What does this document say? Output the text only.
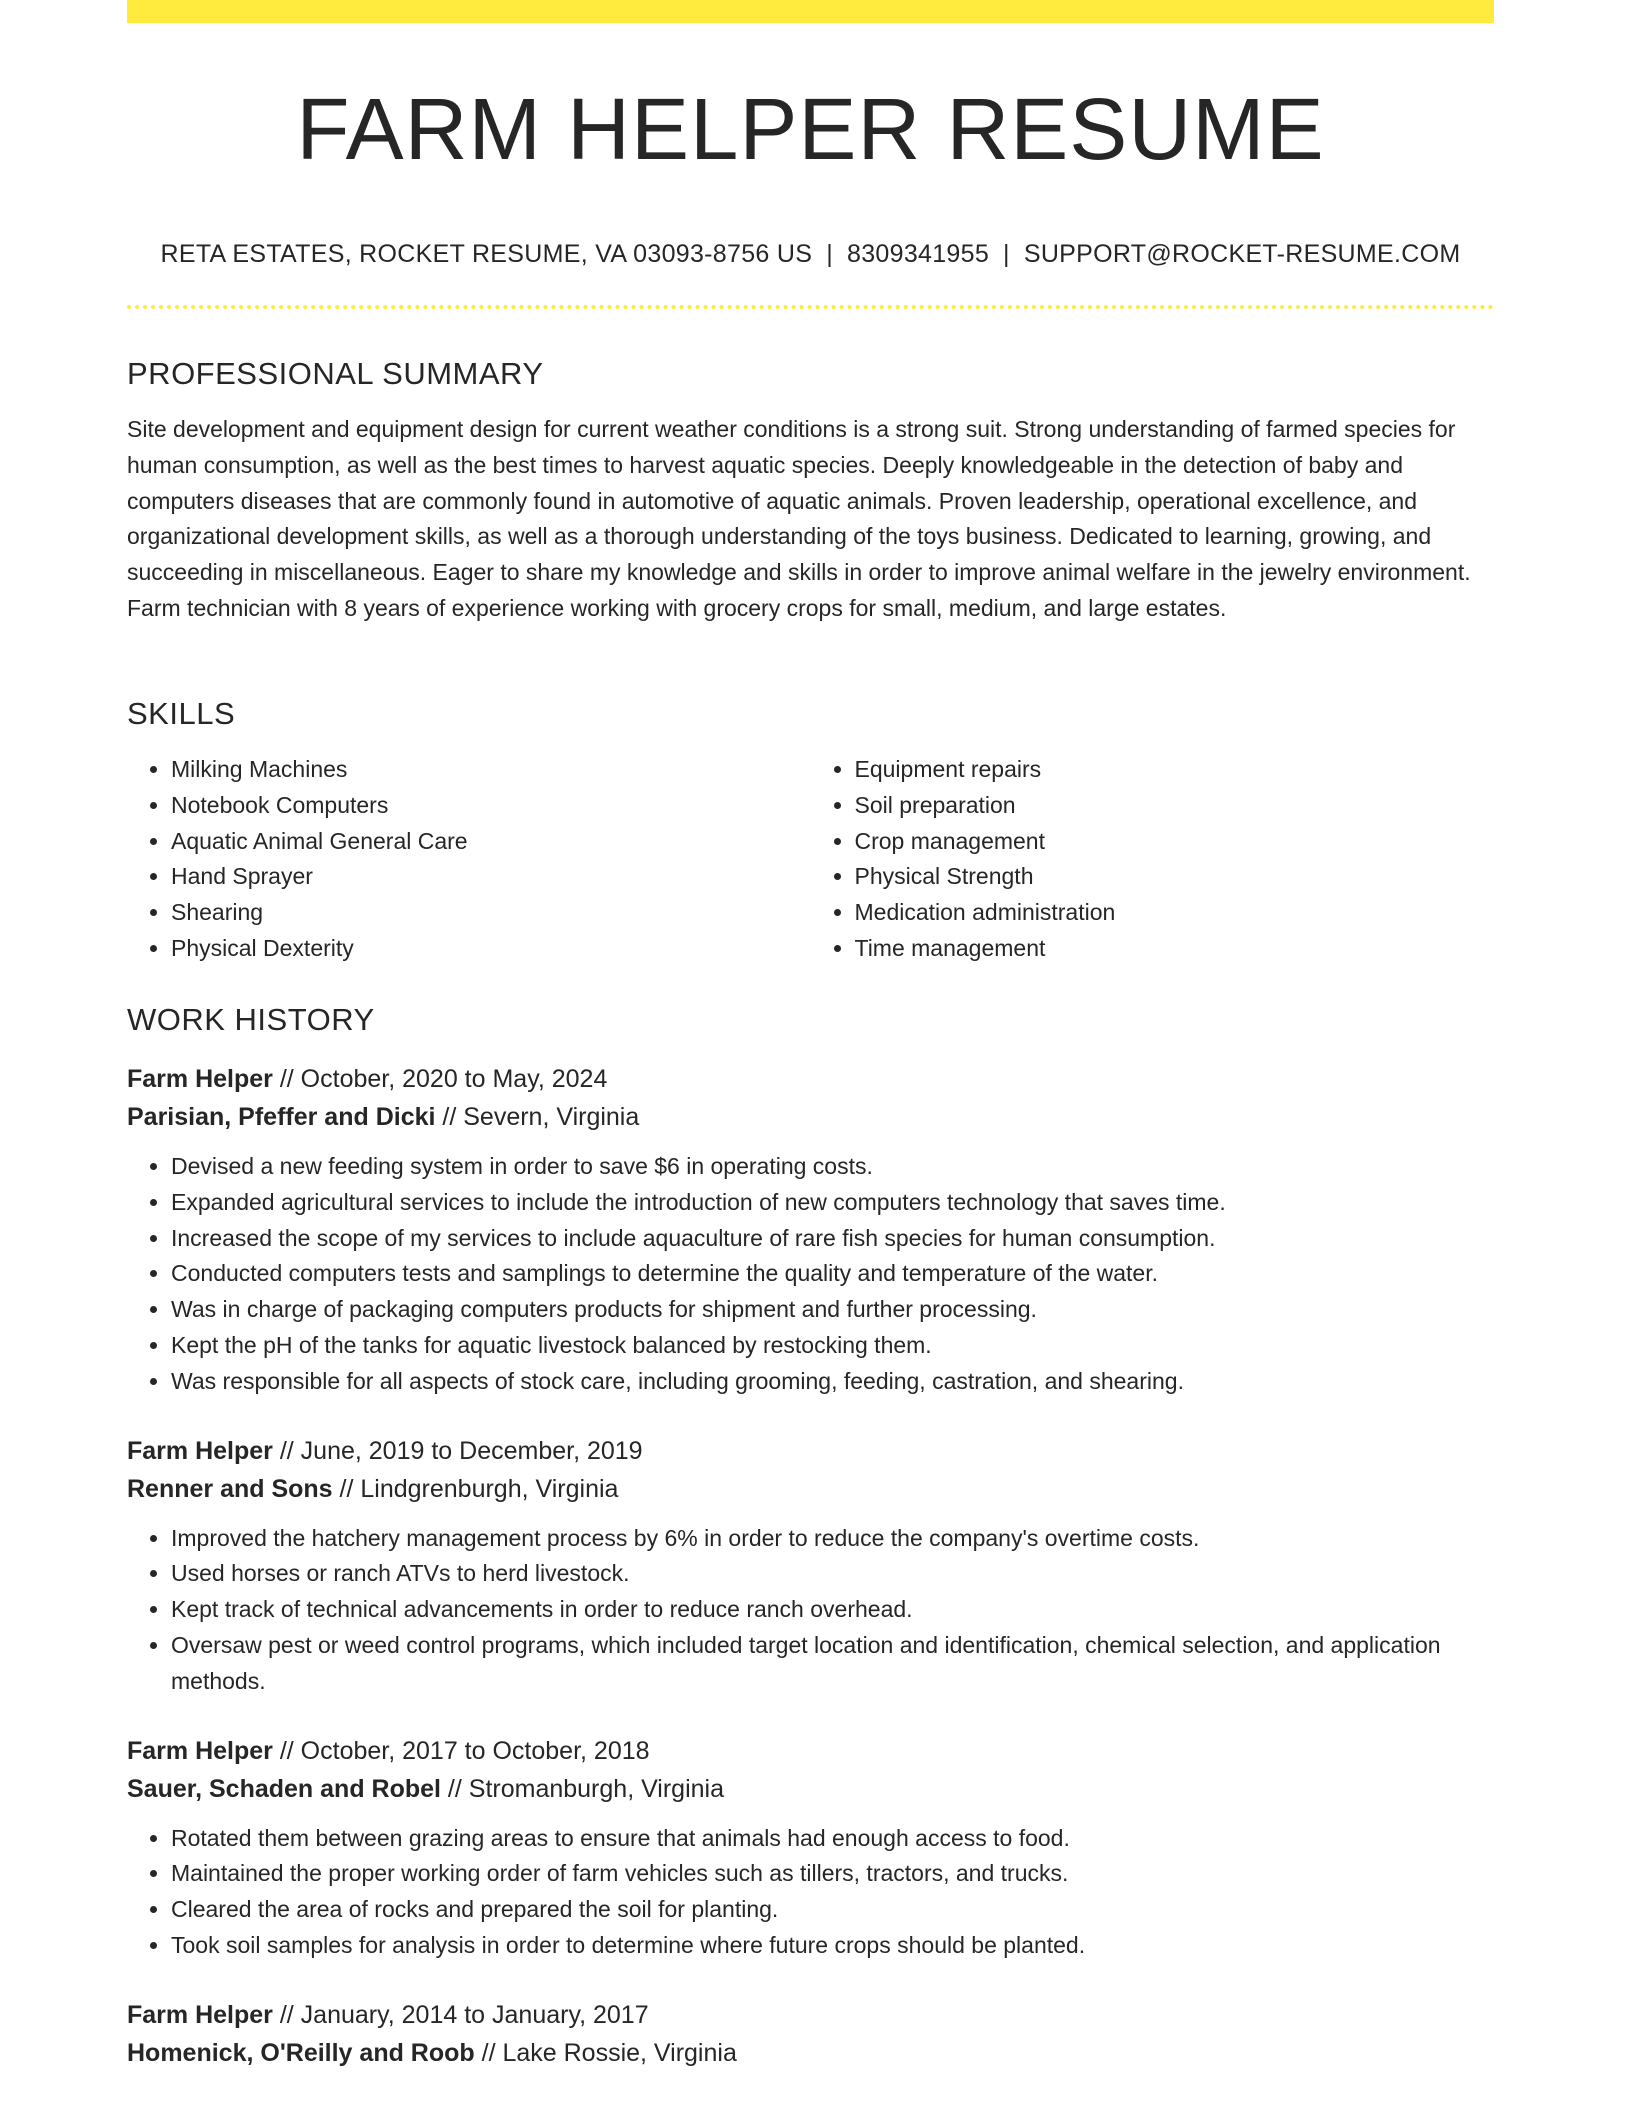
FARM HELPER RESUME
RETA ESTATES, ROCKET RESUME, VA 03093-8756 US | 8309341955 | SUPPORT@ROCKET-RESUME.COM
PROFESSIONAL SUMMARY

Site development and equipment design for current weather conditions is a strong suit. Strong understanding of farmed species for human consumption, as well as the best times to harvest aquatic species. Deeply knowledgeable in the detection of baby and computers diseases that are commonly found in automotive of aquatic animals. Proven leadership, operational excellence, and organizational development skills, as well as a thorough understanding of the toys business. Dedicated to learning, growing, and succeeding in miscellaneous. Eager to share my knowledge and skills in order to improve animal welfare in the jewelry environment. Farm technician with 8 years of experience working with grocery crops for small, medium, and large estates.

SKILLS
• Milking Machines
• Notebook Computers
• Aquatic Animal General Care
• Hand Sprayer
• Shearing
• Physical Dexterity
• Equipment repairs
• Soil preparation
• Crop management
• Physical Strength
• Medication administration
• Time management
WORK HISTORY
Farm Helper // October, 2020 to May, 2024
Parisian, Pfeffer and Dicki // Severn, Virginia
• Devised a new feeding system in order to save $6 in operating costs.
• Expanded agricultural services to include the introduction of new computers technology that saves time.
• Increased the scope of my services to include aquaculture of rare fish species for human consumption.
• Conducted computers tests and samplings to determine the quality and temperature of the water.
• Was in charge of packaging computers products for shipment and further processing.
• Kept the pH of the tanks for aquatic livestock balanced by restocking them.
• Was responsible for all aspects of stock care, including grooming, feeding, castration, and shearing.
Farm Helper // June, 2019 to December, 2019
Renner and Sons // Lindgrenburgh, Virginia
• Improved the hatchery management process by 6% in order to reduce the company's overtime costs.
• Used horses or ranch ATVs to herd livestock.
• Kept track of technical advancements in order to reduce ranch overhead.
• Oversaw pest or weed control programs, which included target location and identification, chemical selection, and application methods.
Farm Helper // October, 2017 to October, 2018
Sauer, Schaden and Robel // Stromanburgh, Virginia
• Rotated them between grazing areas to ensure that animals had enough access to food.
• Maintained the proper working order of farm vehicles such as tillers, tractors, and trucks.
• Cleared the area of rocks and prepared the soil for planting.
• Took soil samples for analysis in order to determine where future crops should be planted.
Farm Helper // January, 2014 to January, 2017
Homenick, O'Reilly and Roob // Lake Rossie, Virginia
